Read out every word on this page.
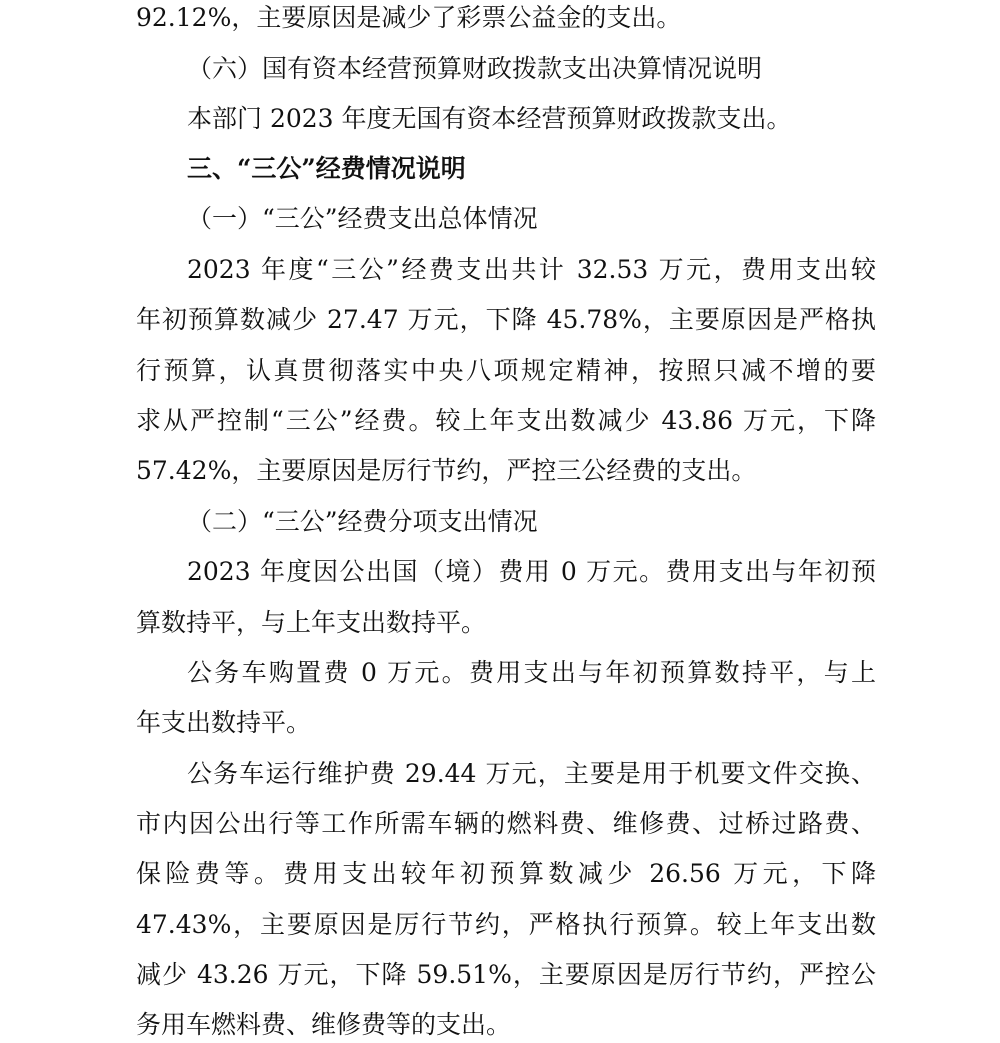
92.12%，主要原因是减少了彩票公益金的支出。
（六）国有资本经营预算财政拨款支出决算情况说明
本部门 2023 年度无国有资本经营预算财政拨款支出。
三、“三公”经费情况说明
（一）“三公”经费支出总体情况
2023 年度“三公”经费支出共计 32.53 万元，费用支出较
年初预算数减少 27.47 万元，下降 45.78%，主要原因是严格执
行预算，认真贯彻落实中央八项规定精神，按照只减不增的要
求从严控制“三公”经费。较上年支出数减少 43.86 万元，下降
57.42%，主要原因是厉行节约，严控三公经费的支出。
（二）“三公”经费分项支出情况
2023 年度因公出国（境）费用 0 万元。费用支出与年初预
算数持平，与上年支出数持平。
公务车购置费 0 万元。费用支出与年初预算数持平，与上
年支出数持平。
公务车运行维护费 29.44 万元，主要是用于机要文件交换、
市内因公出行等工作所需车辆的燃料费、维修费、过桥过路费、
保险费等。费用支出较年初预算数减少 26.56 万元，下降
47.43%，主要原因是厉行节约，严格执行预算。较上年支出数
减少 43.26 万元，下降 59.51%，主要原因是厉行节约，严控公
务用车燃料费、维修费等的支出。
